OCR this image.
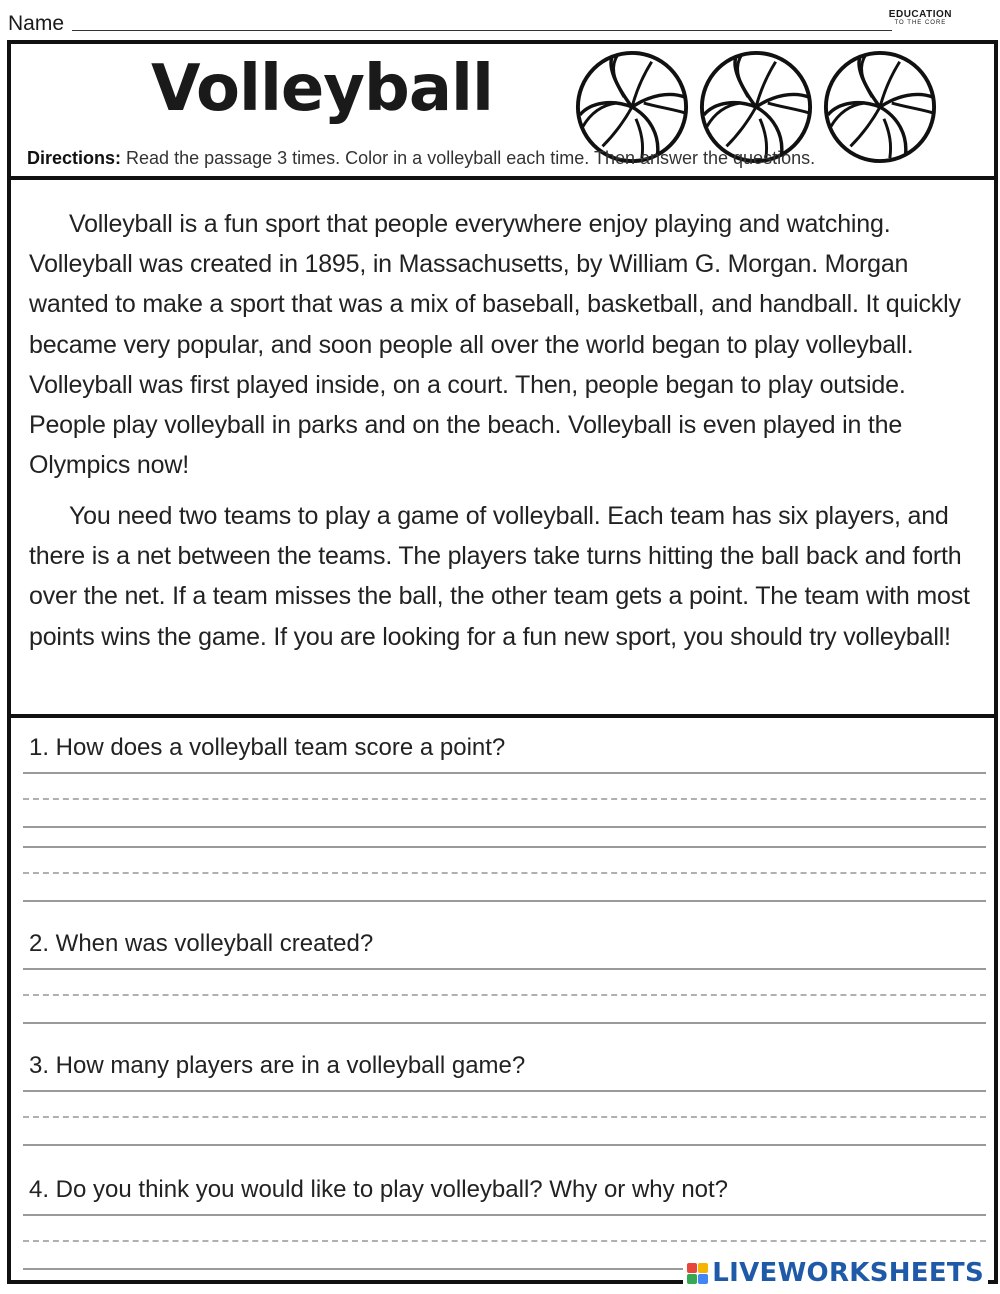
Name	EDUCATION
TO THE CORE
Volleyball
Directions: Read the passage 3 times. Color in a volleyball each time. Then answer the questions.

Volleyball is a fun sport that people everywhere enjoy playing and watching. Volleyball was created in 1895, in Massachusetts, by William G. Morgan. Morgan wanted to make a sport that was a mix of baseball, basketball, and handball. It quickly became very popular, and soon people all over the world began to play volleyball. Volleyball was first played inside, on a court. Then, people began to play outside. People play volleyball in parks and on the beach. Volleyball is even played in the Olympics now!

You need two teams to play a game of volleyball. Each team has six players, and there is a net between the teams. The players take turns hitting the ball back and forth over the net. If a team misses the ball, the other team gets a point. The team with most points wins the game. If you are looking for a fun new sport, you should try volleyball!

1. How does a volleyball team score a point?
2. When was volleyball created?
3. How many players are in a volleyball game?
4. Do you think you would like to play volleyball? Why or why not?
LIVEWORKSHEETS
